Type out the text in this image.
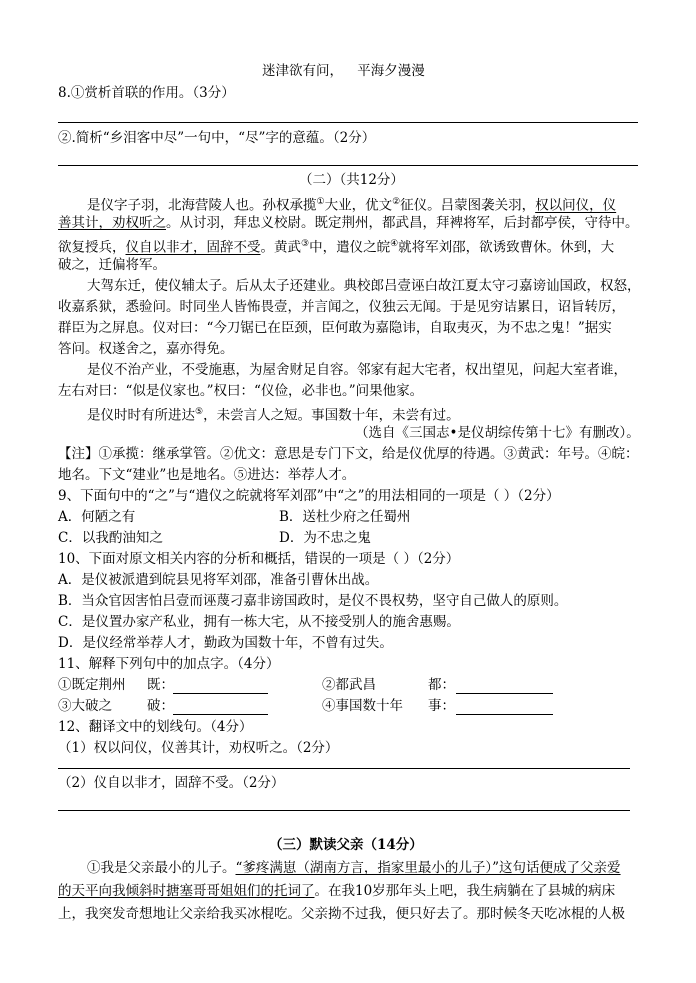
迷津欲有问， 平海夕漫漫
8.①赏析首联的作用。（3分）
②.简析“乡泪客中尽”一句中，“尽”字的意蕴。（2分）
（二）（共12分）
是仪字子羽，北海营陵人也。孙权承揽①大业，优文②征仪。吕蒙图袭关羽，权以问仪，仪
善其计，劝权听之。从讨羽，拜忠义校尉。既定荆州，都武昌，拜裨将军，后封都亭侯，守待中。
欲复授兵，仪自以非才，固辞不受。黄武③中，遣仪之皖④就将军刘邵，欲诱致曹休。休到，大
破之，迁偏将军。
大驾东迁，使仪辅太子。后从太子还建业。典校郎吕壹诬白故江夏太守刁嘉谤讪国政，权怒，
收嘉系狱，悉验问。时同坐人皆怖畏壹，并言闻之，仪独云无闻。于是见穷诘累日，诏旨转厉，
群臣为之屏息。仪对曰：“今刀锯已在臣颈，臣何敢为嘉隐讳，自取夷灭，为不忠之鬼！”据实
答问。权遂舍之，嘉亦得免。
是仪不治产业，不受施惠，为屋舍财足自容。邻家有起大宅者，权出望见，问起大室者谁，
左右对曰：“似是仪家也。”权曰：“仪俭，必非也。”问果他家。
是仪时时有所进达⑤，未尝言人之短。事国数十年，未尝有过。
（选自《三国志•是仪胡综传第十七》有删改）。
【注】①承揽：继承掌管。②优文：意思是专门下文，给是仪优厚的待遇。③黄武：年号。④皖：
地名。下文“建业”也是地名。⑤进达：举荐人才。
9、下面句中的“之”与“遣仪之皖就将军刘邵”中“之”的用法相同的一项是（ ）（2分）
A．何陋之有	B．送杜少府之任蜀州
C．以我酌油知之	D．为不忠之鬼
10、下面对原文相关内容的分析和概括，错误的一项是（ ）（2分）
A．是仪被派遣到皖县见将军刘邵，准备引曹休出战。
B．当众官因害怕吕壹而诬蔑刁嘉非谤国政时，是仪不畏权势，坚守自己做人的原则。
C．是仪置办家产私业，拥有一栋大宅，从不接受别人的施舍惠赐。
D．是仪经常举荐人才，勤政为国数十年，不曾有过失。
11、解释下列句中的加点字。（4分）
①既定荆州 既：	②都武昌	都：
③大破之	破：	④事国数十年 事：
12、翻译文中的划线句。（4分）
（1）权以问仪，仪善其计，劝权听之。（2分）
（2）仪自以非才，固辞不受。（2分）
（三）默读父亲（14分）
①我是父亲最小的儿子。“爹疼满崽（湖南方言，指家里最小的儿子）”这句话便成了父亲爱
的天平向我倾斜时搪塞哥哥姐姐们的托词了。在我10岁那年头上吧，我生病躺在了县城的病床
上，我突发奇想地让父亲给我买冰棍吃。父亲拗不过我，便只好去了。那时候冬天吃冰棍的人极
